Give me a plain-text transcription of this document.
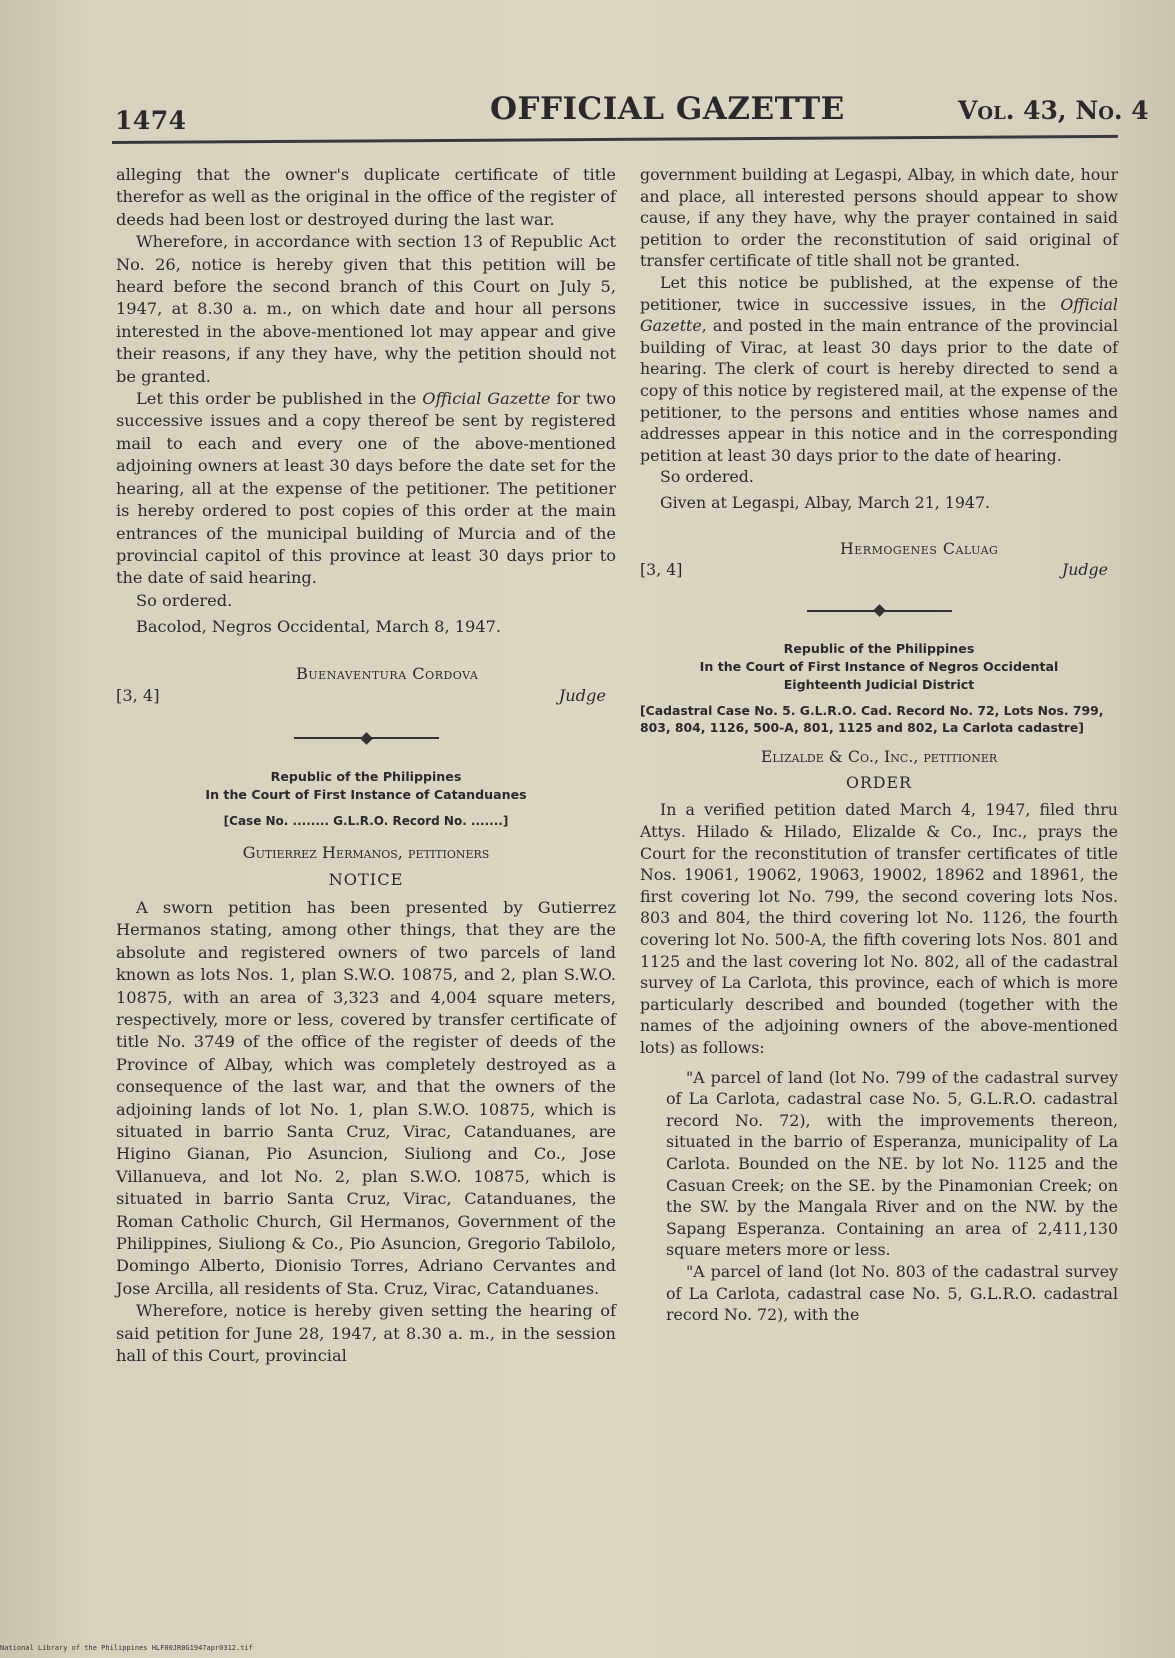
1474	OFFICIAL GAZETTE	Vol. 43, No. 4

alleging that the owner's duplicate certificate of title therefor as well as the original in the office of the register of deeds had been lost or destroyed during the last war.

Wherefore, in accordance with section 13 of Republic Act No. 26, notice is hereby given that this petition will be heard before the second branch of this Court on July 5, 1947, at 8.30 a. m., on which date and hour all persons interested in the above-mentioned lot may appear and give their reasons, if any they have, why the petition should not be granted.

Let this order be published in the Official Gazette for two successive issues and a copy thereof be sent by registered mail to each and every one of the above-mentioned adjoining owners at least 30 days before the date set for the hearing, all at the expense of the petitioner. The petitioner is hereby ordered to post copies of this order at the main entrances of the municipal building of Murcia and of the provincial capitol of this province at least 30 days prior to the date of said hearing.

So ordered.

Bacolod, Negros Occidental, March 8, 1947.

Buenaventura Cordova
[3, 4]	Judge
Republic of the Philippines
In the Court of First Instance of Catanduanes
[Case No. ........ G.L.R.O. Record No. .......]
Gutierrez Hermanos, petitioners
NOTICE

A sworn petition has been presented by Gutierrez Hermanos stating, among other things, that they are the absolute and registered owners of two parcels of land known as lots Nos. 1, plan S.W.O. 10875, and 2, plan S.W.O. 10875, with an area of 3,323 and 4,004 square meters, respectively, more or less, covered by transfer certificate of title No. 3749 of the office of the register of deeds of the Province of Albay, which was completely destroyed as a consequence of the last war, and that the owners of the adjoining lands of lot No. 1, plan S.W.O. 10875, which is situated in barrio Santa Cruz, Virac, Catanduanes, are Higino Gianan, Pio Asuncion, Siuliong and Co., Jose Villanueva, and lot No. 2, plan S.W.O. 10875, which is situated in barrio Santa Cruz, Virac, Catanduanes, the Roman Catholic Church, Gil Hermanos, Government of the Philippines, Siuliong & Co., Pio Asuncion, Gregorio Tabilolo, Domingo Alberto, Dionisio Torres, Adriano Cervantes and Jose Arcilla, all residents of Sta. Cruz, Virac, Catanduanes.

Wherefore, notice is hereby given setting the hearing of said petition for June 28, 1947, at 8.30 a. m., in the session hall of this Court, provincial

government building at Legaspi, Albay, in which date, hour and place, all interested persons should appear to show cause, if any they have, why the prayer contained in said petition to order the reconstitution of said original of transfer certificate of title shall not be granted.

Let this notice be published, at the expense of the petitioner, twice in successive issues, in the Official Gazette, and posted in the main entrance of the provincial building of Virac, at least 30 days prior to the date of hearing. The clerk of court is hereby directed to send a copy of this notice by registered mail, at the expense of the petitioner, to the persons and entities whose names and addresses appear in this notice and in the corresponding petition at least 30 days prior to the date of hearing.

So ordered.

Given at Legaspi, Albay, March 21, 1947.

Hermogenes Caluag
[3, 4]	Judge
Republic of the Philippines
In the Court of First Instance of Negros Occidental
Eighteenth Judicial District
[Cadastral Case No. 5. G.L.R.O. Cad. Record No. 72, Lots Nos. 799, 803, 804, 1126, 500-A, 801, 1125 and 802, La Carlota cadastre]
Elizalde & Co., Inc., petitioner
ORDER

In a verified petition dated March 4, 1947, filed thru Attys. Hilado & Hilado, Elizalde & Co., Inc., prays the Court for the reconstitution of transfer certificates of title Nos. 19061, 19062, 19063, 19002, 18962 and 18961, the first covering lot No. 799, the second covering lots Nos. 803 and 804, the third covering lot No. 1126, the fourth covering lot No. 500-A, the fifth covering lots Nos. 801 and 1125 and the last covering lot No. 802, all of the cadastral survey of La Carlota, this province, each of which is more particularly described and bounded (together with the names of the adjoining owners of the above-mentioned lots) as follows:

"A parcel of land (lot No. 799 of the cadastral survey of La Carlota, cadastral case No. 5, G.L.R.O. cadastral record No. 72), with the improvements thereon, situated in the barrio of Esperanza, municipality of La Carlota. Bounded on the NE. by lot No. 1125 and the Casuan Creek; on the SE. by the Pinamonian Creek; on the SW. by the Mangala River and on the NW. by the Sapang Esperanza. Containing an area of 2,411,130 square meters more or less.

"A parcel of land (lot No. 803 of the cadastral survey of La Carlota, cadastral case No. 5, G.L.R.O. cadastral record No. 72), with the

National Library of the Philippines HLF00JR0G1947apr0312.tif
